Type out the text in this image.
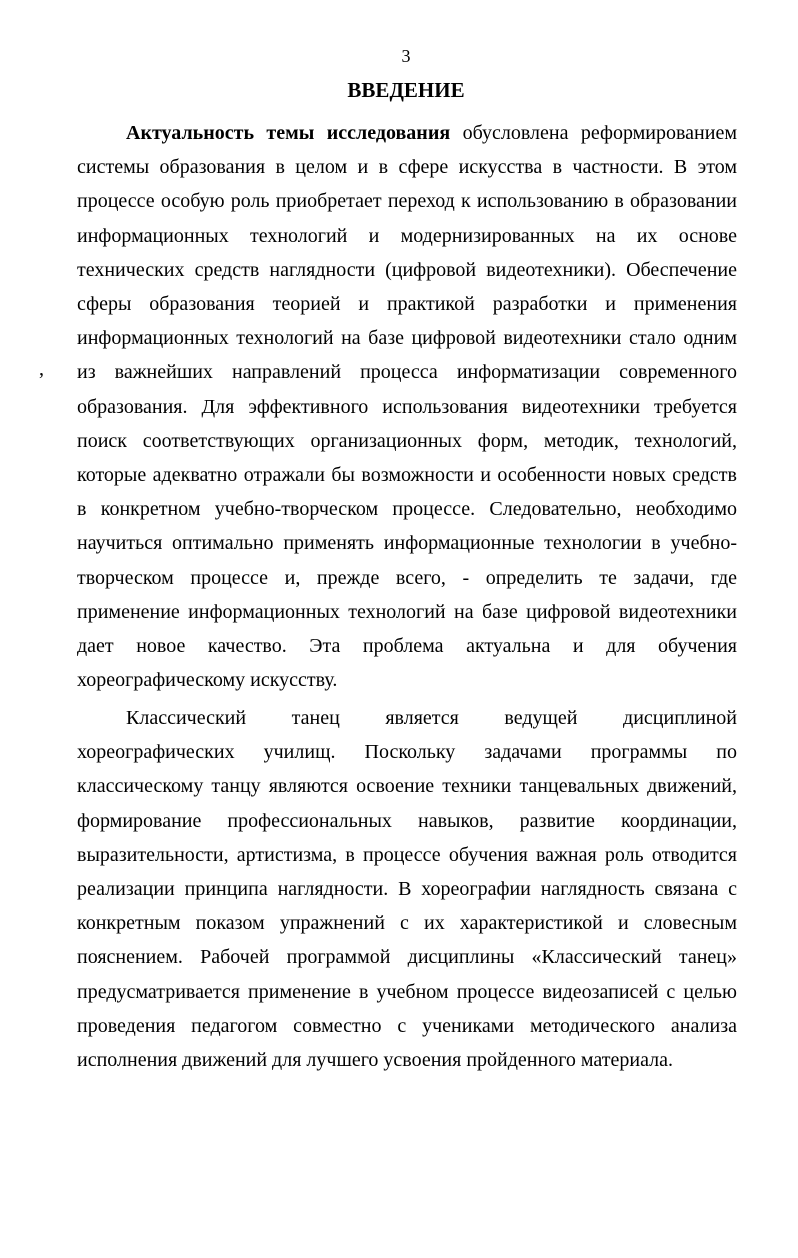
3
ВВЕДЕНИЕ
’

Актуальность темы исследования обусловлена реформированием системы образования в целом и в сфере искусства в частности. В этом процессе особую роль приобретает переход к использованию в образовании информационных технологий и модернизированных на их основе технических средств наглядности (цифровой видеотехники). Обеспечение сферы образования теорией и практикой разработки и применения информационных технологий на базе цифровой видеотехники стало одним из важнейших направлений процесса информатизации современного образования. Для эффективного использования видеотехники требуется поиск соответствующих организационных форм, методик, технологий, которые адекватно отражали бы возможности и особенности новых средств в конкретном учебно-творческом процессе. Следовательно, необходимо научиться оптимально применять информационные технологии в учебно-творческом процессе и, прежде всего, - определить те задачи, где применение информационных технологий на базе цифровой видеотехники дает новое качество. Эта проблема актуальна и для обучения хореографическому искусству.

Классический танец является ведущей дисциплиной хореографических училищ. Поскольку задачами программы по классическому танцу являются освоение техники танцевальных движений, формирование профессиональных навыков, развитие координации, выразительности, артистизма, в процессе обучения важная роль отводится реализации принципа наглядности. В хореографии наглядность связана с конкретным показом упражнений с их характеристикой и словесным пояснением. Рабочей программой дисциплины «Классический танец» предусматривается применение в учебном процессе видеозаписей с целью проведения педагогом совместно с учениками методического анализа исполнения движений для лучшего усвоения пройденного материала.
